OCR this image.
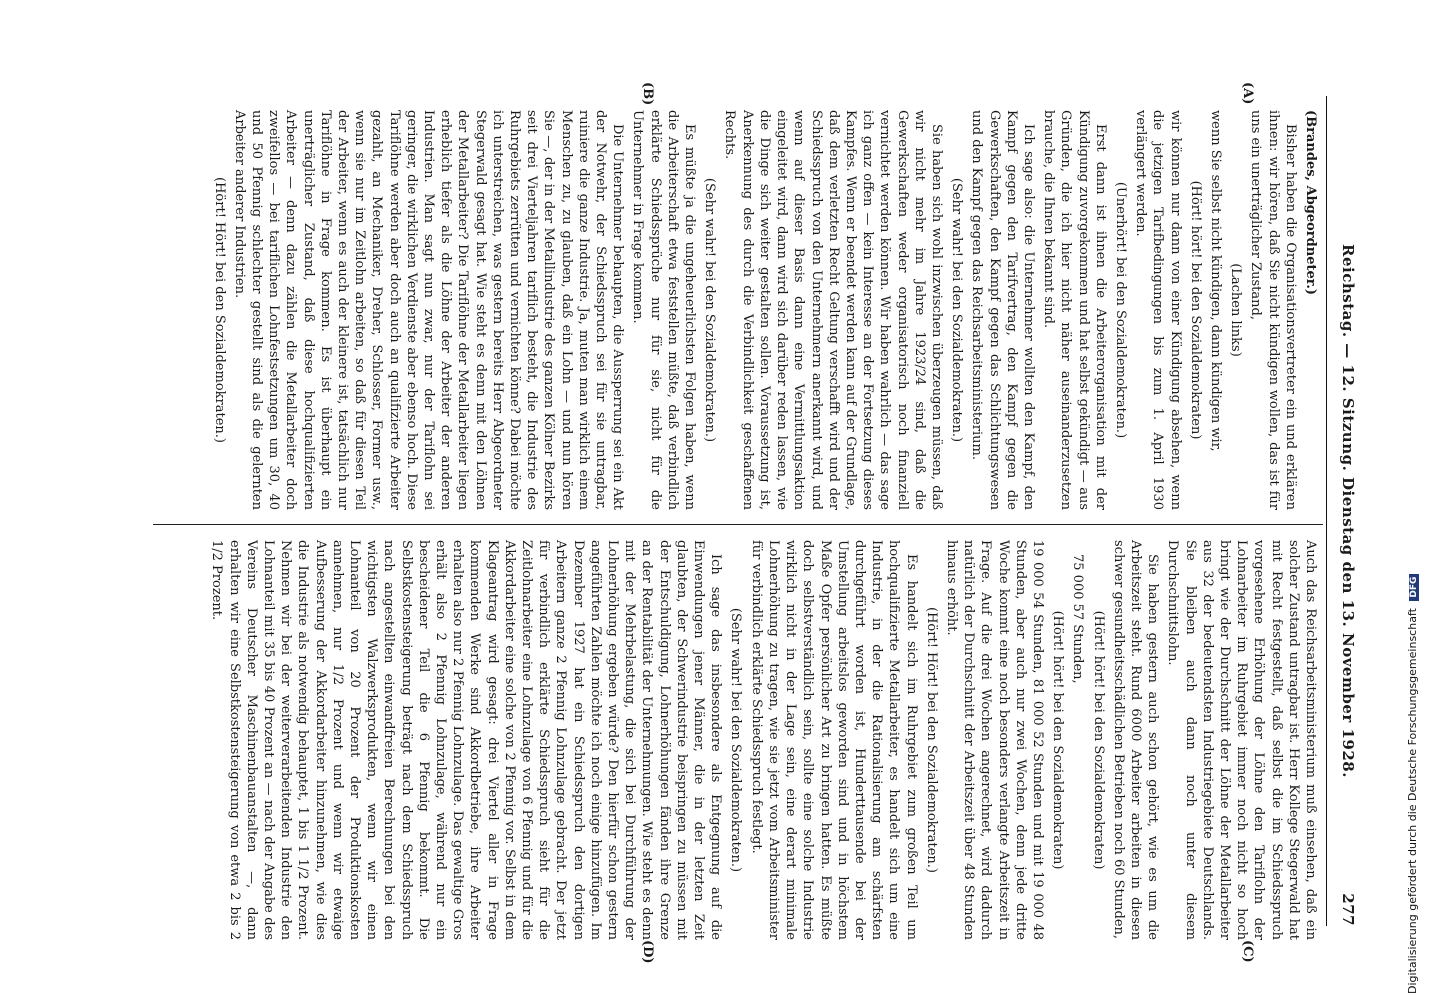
Reichstag. — 12. Sitzung. Dienstag den 13. November 1928.
277
(C)
(D)
(A)
(B)

(Brandes, Abgeordneter.)

Bisher haben die Organisationsvertreter ein und erklären ihnen: wir hören, daß Sie nicht kündigen wollen, das ist für uns ein unerträglicher Zustand,

(Lachen links)

wenn Sie selbst nicht kündigen, dann kündigen wir,

(Hört! hört! bei den Sozialdemokraten)

wir können nur dann von einer Kündigung absehen, wenn die jetzigen Tarifbedingungen bis zum 1. April 1930 verlängert werden.

(Unerhört! bei den Sozialdemokraten.)

Erst dann ist ihnen die Arbeiterorganisation mit der Kündigung zuvorgekommen und hat selbst gekündigt — aus Gründen, die ich hier nicht näher auseinanderzusetzen brauche, die Ihnen bekannt sind.

Ich sage also: die Unternehmer wollten den Kampf, den Kampf gegen den Tarifvertrag, den Kampf gegen die Gewerkschaften, den Kampf gegen das Schlichtungswesen und den Kampf gegen das Reichsarbeitsministerium.

(Sehr wahr! bei den Sozialdemokraten.)

Sie haben sich wohl inzwischen überzeugen müssen, daß wir nicht mehr im Jahre 1923/24 sind, daß die Gewerkschaften weder organisatorisch noch finanziell vernichtet werden können. Wir haben wahrlich — das sage ich ganz offen — kein Interesse an der Fortsetzung dieses Kampfes. Wenn er beendet werden kann auf der Grundlage, daß dem verletzten Recht Geltung verschafft wird und der Schiedsspruch von den Unternehmern anerkannt wird, und wenn auf dieser Basis dann eine Vermittlungsaktion eingeleitet wird, dann wird sich darüber reden lassen, wie die Dinge sich weiter gestalten sollen. Voraussetzung ist, Anerkennung des durch die Verbindlichkeit geschaffenen Rechts.

(Sehr wahr! bei den Sozialdemokraten.)

Es müßte ja die ungeheuerlichsten Folgen haben, wenn die Arbeiterschaft etwa feststellen müßte, daß verbindlich erklärte Schiedssprüche nur für sie, nicht für die Unternehmer in Frage kommen.

Die Unternehmer behaupten, die Aussperrung sei ein Akt der Notwehr, der Schiedsspruch sei für sie untragbar, ruiniere die ganze Industrie. Ja, muten man wirklich einem Menschen zu, zu glauben, daß ein Lohn — und nun hören Sie —, der in der Metallindustrie des ganzen Kölner Bezirks seit drei Vierteljahren tariflich besteht, die Industrie des Ruhrgebiets zerrütten und vernichten könne? Dabei möchte ich unterstreichen, was gestern bereits Herr Abgeordneter Stegerwald gesagt hat. Wie steht es denn mit den Löhnen der Metallarbeiter? Die Tariflöhne der Metallarbeiter liegen erheblich tiefer als die Löhne der Arbeiter der anderen Industrien. Man sagt nun zwar, nur der Tariflohn sei geringer, die wirklichen Verdienste aber ebenso hoch. Diese Tariflöhne werden aber doch auch an qualifizierte Arbeiter gezahlt, an Mechaniker, Dreher, Schlosser, Former usw., wenn sie nur im Zeitlohn arbeiten, so daß für diesen Teil der Arbeiter, wenn es auch der kleinere ist, tatsächlich nur Tariflöhne in Frage kommen. Es ist überhaupt ein unerträglicher Zustand, daß diese hochqualifizierten Arbeiter — denn dazu zählen die Metallarbeiter doch zweifellos — bei tariflichen Lohnfestsetzungen um 30, 40 und 50 Pfennig schlechter gestellt sind als die gelernten Arbeiter anderer Industrien.

(Hört! Hört! bei den Sozialdemokraten.)

Auch das Reichsarbeitsministerium muß einsehen, daß ein solcher Zustand untragbar ist. Herr Kollege Stegerwald hat mit Recht festgestellt, daß selbst die im Schiedsspruch vorgesehene Erhöhung der Löhne den Tariflohn der Lohnarbeiter im Ruhrgebiet immer noch nicht so hoch bringt wie der Durchschnitt der Löhne der Metallarbeiter aus 32 der bedeutendsten Industriegebiete Deutschlands. Sie bleiben auch dann noch unter diesem Durchschnittslohn.

Sie haben gestern auch schon gehört, wie es um die Arbeitszeit steht. Rund 6000 Arbeiter arbeiten in diesen schwer gesundheitsschädlichen Betrieben noch 60 Stunden,

(Hört! hört! bei den Sozialdemokraten)

75 000 57 Stunden,

(Hört! hört! bei den Sozialdemokraten)

19 000 54 Stunden, 81 000 52 Stunden und mit 19 000 48 Stunden, aber auch nur zwei Wochen, denn jede dritte Woche kommt eine noch besonders verlangte Arbeitszeit in Frage. Auf die drei Wochen angerechnet, wird dadurch natürlich der Durchschnitt der Arbeitszeit über 48 Stunden hinaus erhöht.

(Hört! Hört! bei den Sozialdemokraten.)

Es handelt sich im Ruhrgebiet zum großen Teil um hochqualifizierte Metallarbeiter, es handelt sich um eine Industrie, in der die Rationalisierung am schärfsten durchgeführt worden ist, Hunderttausende bei der Umstellung arbeitslos geworden sind und in höchstem Maße Opfer persönlicher Art zu bringen hatten. Es müßte doch selbstverständlich sein, sollte eine solche Industrie wirklich nicht in der Lage sein, eine derart minimale Lohnerhöhung zu tragen, wie sie jetzt vom Arbeitsminister für verbindlich erklärte Schiedsspruch festlegt.

(Sehr wahr! bei den Sozialdemokraten.)

Ich sage das insbesondere als Entgegnung auf die Einwendungen jener Männer, die in der letzten Zeit glaubten, der Schwerindustrie beispringen zu müssen mit der Entschuldigung, Lohnerhöhungen fänden ihre Grenze an der Rentabilität der Unternehmungen. Wie steht es denn mit der Mehrbelastung, die sich bei Durchführung der Lohnerhöhung ergeben würde? Den hierfür schon gestern angeführten Zahlen möchte ich noch einige hinzufügen. Im Dezember 1927 hat ein Schiedsspruch den dortigen Arbeitern ganze 2 Pfennig Lohnzulage gebracht. Der jetzt für verbindlich erklärte Schiedsspruch sieht für die Zeitlohnarbeiter eine Lohnzulage von 6 Pfennig und für die Akkordarbeiter eine solche von 2 Pfennig vor. Selbst in dem Klageantrag wird gesagt: drei Viertel aller in Frage kommenden Werke sind Akkordbetriebe, ihre Arbeiter erhalten also nur 2 Pfennig Lohnzulage. Das gewaltige Gros erhält also 2 Pfennig Lohnzulage, während nur ein bescheidener Teil die 6 Pfennig bekommt. Die Selbstkostensteigerung beträgt nach dem Schiedsspruch nach angestellten einwandfreien Berechnungen bei den wichtigsten Walzwerksprodukten, wenn wir einen Lohnanteil von 20 Prozent der Produktionskosten annehmen, nur 1/2 Prozent und wenn wir etwaige Aufbesserung der Akkordarbeiter hinzunehmen, wie dies die Industrie als notwendig behauptet, 1 bis 1 1/2 Prozent. Nehmen wir bei der weiterverarbeitenden Industrie den Lohnanteil mit 35 bis 40 Prozent an — nach der Angabe des Vereins Deutscher Maschinenbauanstalten —, dann erhalten wir eine Selbstkostensteigerung von etwa 2 bis 2 1/2 Prozent.

Digitalisierung gefördert durch die Deutsche Forschungsgemeinschaft DFG
